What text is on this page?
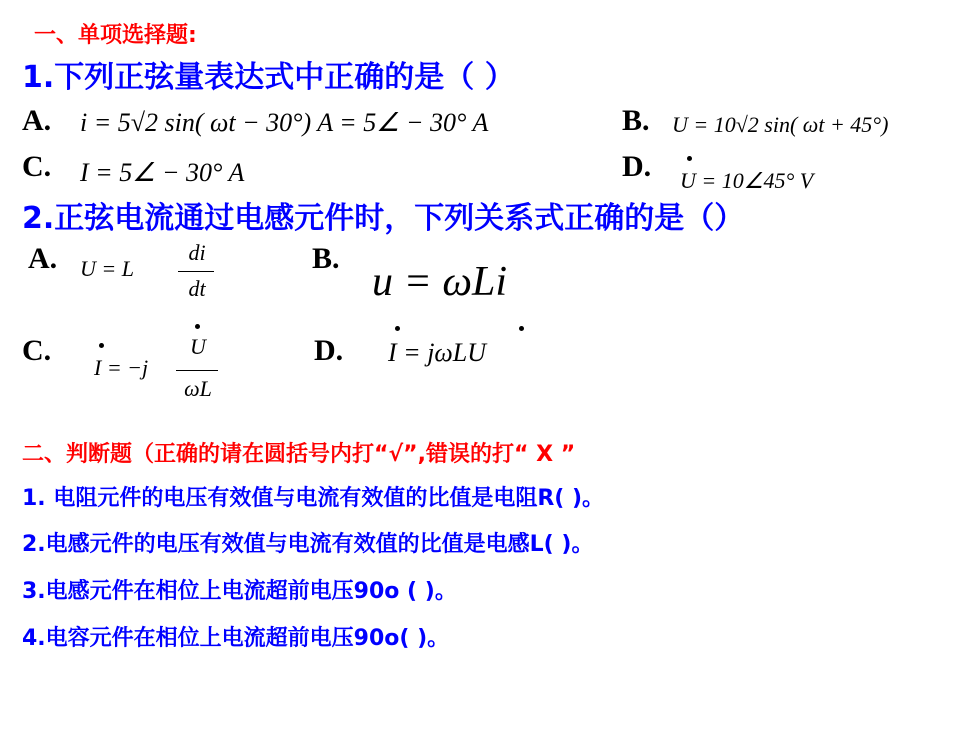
一、单项选择题:
1.下列正弦量表达式中正确的是（ ）
A. i = 5√2 sin( ωt − 30°) A = 5∠ − 30° A	B. U = 10√2 sin( ωt + 45°)
C. I = 5∠ − 30° A	D. U = 10∠45° V
2.正弦电流通过电感元件时，下列关系式正确的是（）
A. U = L
di
dt
B.
u = ωLi
C.
I = −j
U
ωL
D. I = jωLU
二、判断题（正确的请在圆括号内打“√”,错误的打“ X ”
1. 电阻元件的电压有效值与电流有效值的比值是电阻R( )。
2.电感元件的电压有效值与电流有效值的比值是电感L( )。
3.电感元件在相位上电流超前电压90o ( )。
4.电容元件在相位上电流超前电压90o( )。
